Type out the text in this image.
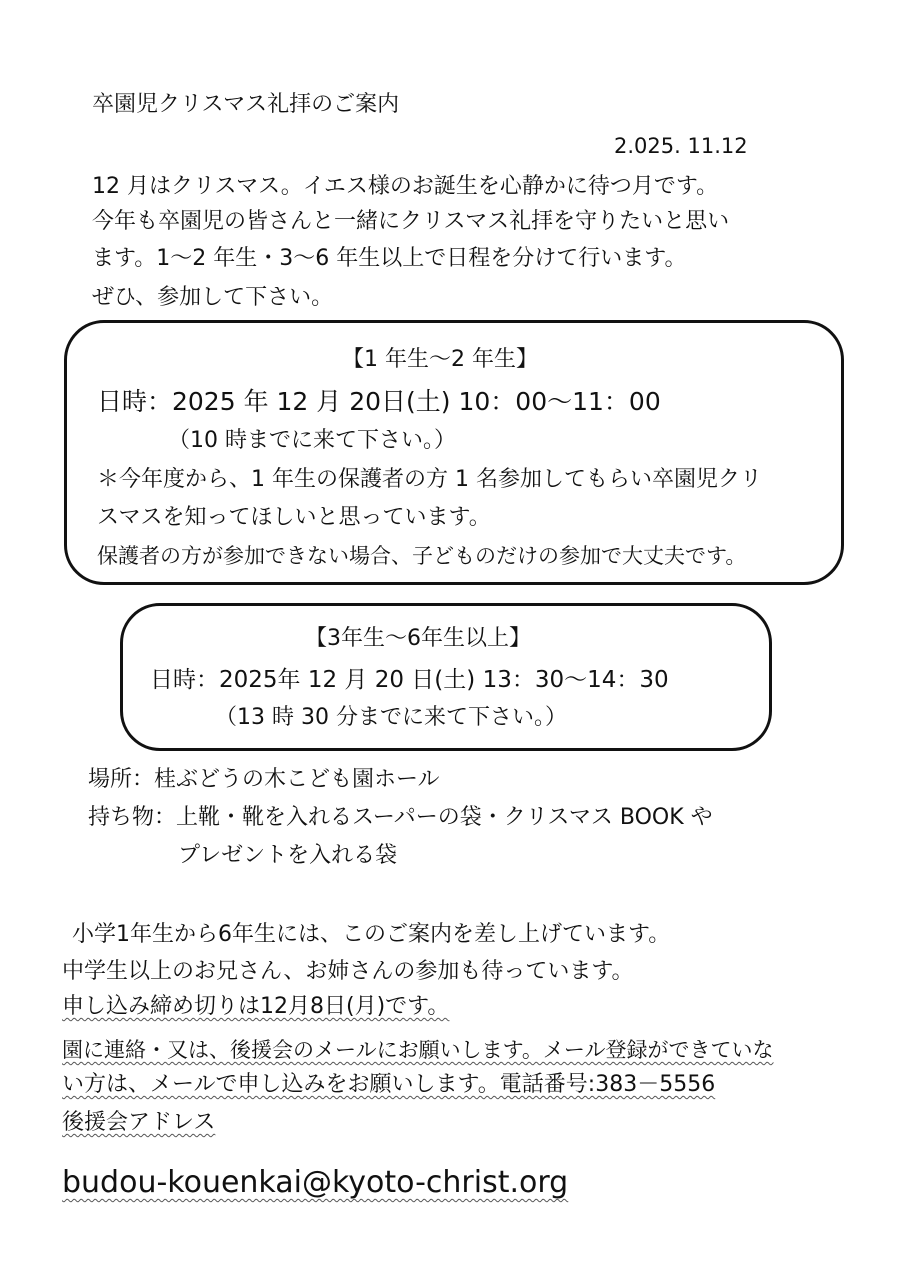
卒園児クリスマス礼拝のご案内
2.025. 11.12
12 月はクリスマス。イエス様のお誕生を心静かに待つ月です。
今年も卒園児の皆さんと一緒にクリスマス礼拝を守りたいと思い
ます。1～2 年生・3～6 年生以上で日程を分けて行います。
ぜひ、参加して下さい。
【1 年生～2 年生】
日時：2025 年 12 月 20日(土) 10：00～11：00
（10 時までに来て下さい。）
＊今年度から、1 年生の保護者の方 1 名参加してもらい卒園児クリ
スマスを知ってほしいと思っています。
保護者の方が参加できない場合、子どものだけの参加で大丈夫です。
【3年生～6年生以上】
日時：2025年 12 月 20 日(土) 13：30～14：30
（13 時 30 分までに来て下さい。）
場所：桂ぶどうの木こども園ホール
持ち物：上靴・靴を入れるスーパーの袋・クリスマス BOOK や
プレゼントを入れる袋
小学1年生から6年生には、このご案内を差し上げています。
中学生以上のお兄さん、お姉さんの参加も待っています。
申し込み締め切りは12月8日(月)です。
園に連絡・又は、後援会のメールにお願いします。メール登録ができていな
い方は、メールで申し込みをお願いします。電話番号:383－5556
後援会アドレス
budou-kouenkai@kyoto-christ.org
